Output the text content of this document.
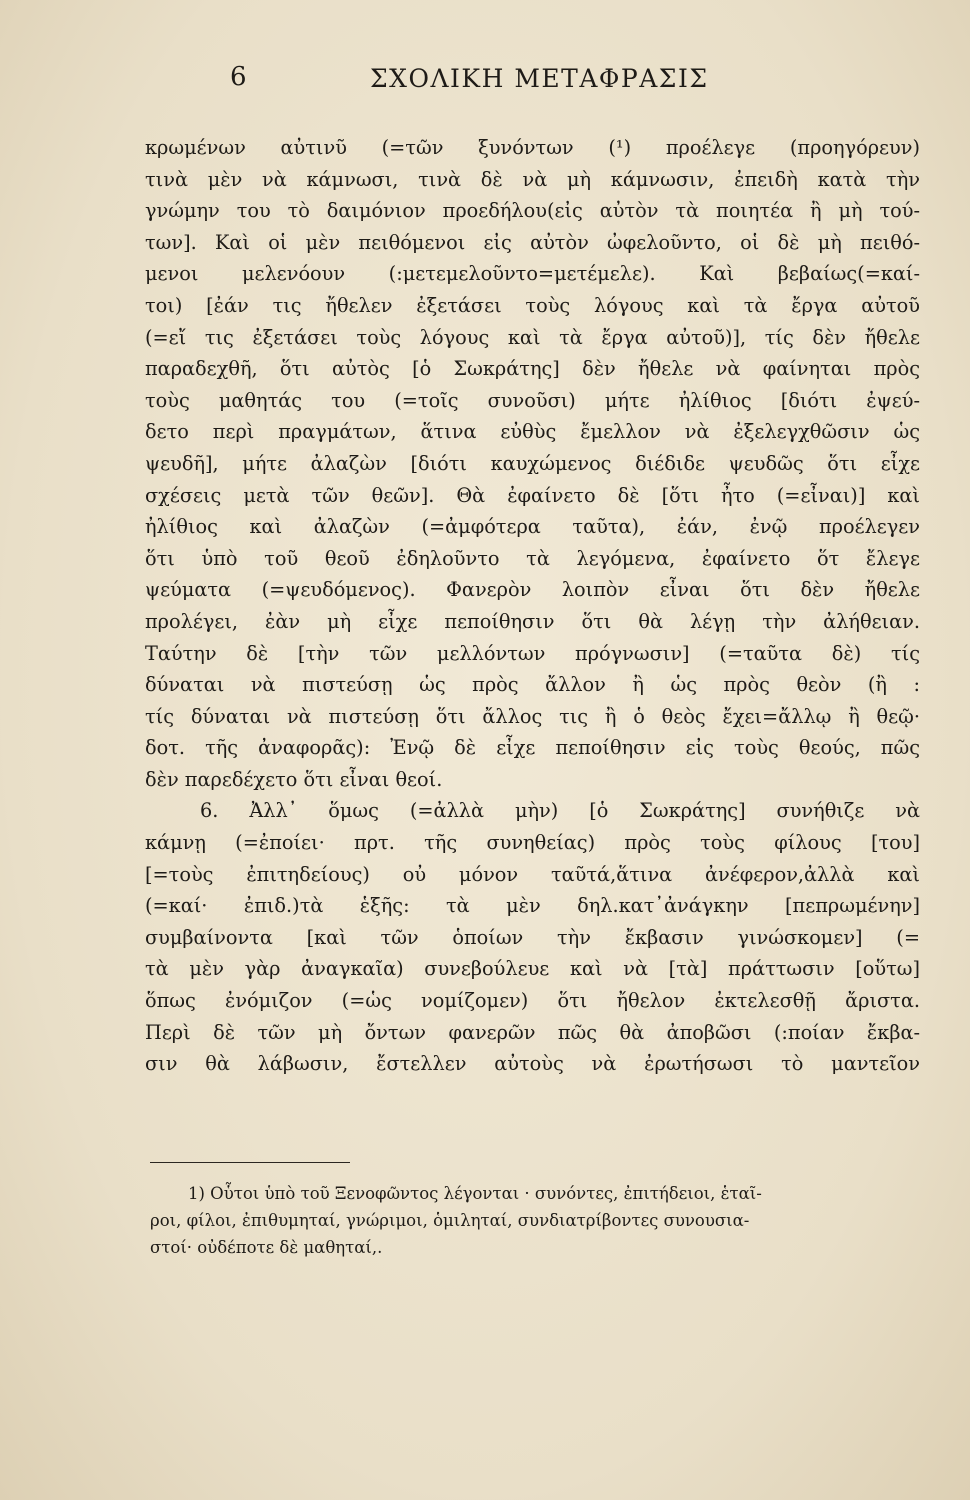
6	ΣΧΟΛΙΚΗ ΜΕΤΑΦΡΑΣΙΣ
κρωμένων αὐτινῦ (=τῶν ξυνόντων (¹) προέλεγε (προηγόρευν)
τινὰ μὲν νὰ κάμνωσι, τινὰ δὲ νὰ μὴ κάμνωσιν, ἐπειδὴ κατὰ τὴν
γνώμην του τὸ δαιμόνιον προεδήλου(εἰς αὐτὸν τὰ ποιητέα ἢ μὴ τού-
των]. Καὶ οἱ μὲν πειθόμενοι εἰς αὐτὸν ὠφελοῦντο, οἱ δὲ μὴ πειθό-
μενοι μελενόουν (:μετεμελοῦντο=μετέμελε). Καὶ βεβαίως(=καί-
τοι) [ἐάν τις ἤθελεν ἐξετάσει τοὺς λόγους καὶ τὰ ἔργα αὐτοῦ
(=εἴ τις ἐξετάσει τοὺς λόγους καὶ τὰ ἔργα αὐτοῦ)], τίς δὲν ἤθελε
παραδεχθῆ, ὅτι αὐτὸς [ὁ Σωκράτης] δὲν ἤθελε νὰ φαίνηται πρὸς
τοὺς μαθητάς του (=τοῖς συνοῦσι) μήτε ἠλίθιος [διότι ἐψεύ-
δετο περὶ πραγμάτων, ἅτινα εὐθὺς ἔμελλον νὰ ἐξελεγχθῶσιν ὡς
ψευδῆ], μήτε ἀλαζὼν [διότι καυχώμενος διέδιδε ψευδῶς ὅτι εἶχε
σχέσεις μετὰ τῶν θεῶν]. Θὰ ἐφαίνετο δὲ [ὅτι ἦτο (=εἶναι)] καὶ
ἠλίθιος καὶ ἀλαζὼν (=ἀμφότερα ταῦτα), ἐάν, ἐνῷ προέλεγεν
ὅτι ὑπὸ τοῦ θεοῦ ἐδηλοῦντο τὰ λεγόμενα, ἐφαίνετο ὅτ ἔλεγε
ψεύματα (=ψευδόμενος). Φανερὸν λοιπὸν εἶναι ὅτι δὲν ἤθελε
προλέγει, ἐὰν μὴ εἶχε πεποίθησιν ὅτι θὰ λέγῃ τὴν ἀλήθειαν.
Ταύτην δὲ [τὴν τῶν μελλόντων πρόγνωσιν] (=ταῦτα δὲ) τίς
δύναται νὰ πιστεύσῃ ὡς πρὸς ἄλλον ἢ ὡς πρὸς θεὸν (ἢ :
τίς δύναται νὰ πιστεύσῃ ὅτι ἄλλος τις ἢ ὁ θεὸς ἔχει=ἄλλῳ ἢ θεῷ·
δοτ. τῆς ἀναφορᾶς): Ἐνῷ δὲ εἶχε πεποίθησιν εἰς τοὺς θεούς, πῶς
δὲν παρεδέχετο ὅτι εἶναι θεοί.
6. Ἀλλ᾽ ὅμως (=ἀλλὰ μὴν) [ὁ Σωκράτης] συνήθιζε νὰ
κάμνῃ (=ἐποίει· πρτ. τῆς συνηθείας) πρὸς τοὺς φίλους [του]
[=τοὺς ἐπιτηδείους) οὐ μόνον ταῦτά,ἅτινα ἀνέφερον,ἀλλὰ καὶ
(=καί· ἐπιδ.)τὰ ἑξῆς: τὰ μὲν δηλ.κατ᾽ἀνάγκην [πεπρωμένην]
συμβαίνοντα [καὶ τῶν ὁποίων τὴν ἔκβασιν γινώσκομεν] (=
τὰ μὲν γὰρ ἀναγκαῖα) συνεβούλευε καὶ νὰ [τὰ] πράττωσιν [οὕτω]
ὅπως ἐνόμιζον (=ὡς νομίζομεν) ὅτι ἤθελον ἐκτελεσθῇ ἄριστα.
Περὶ δὲ τῶν μὴ ὄντων φανερῶν πῶς θὰ ἀποβῶσι (:ποίαν ἔκβα-
σιν θὰ λάβωσιν, ἔστελλεν αὐτοὺς νὰ ἐρωτήσωσι τὸ μαντεῖον
1) Οὗτοι ὑπὸ τοῦ Ξενοφῶντος λέγονται · συνόντες, ἐπιτήδειοι, ἑταῖ-
ροι, φίλοι, ἐπιθυμηταί, γνώριμοι, ὁμιληταί, συνδιατρίβοντες συνουσια-
στοί· οὐδέποτε δὲ μαθηταί,.
